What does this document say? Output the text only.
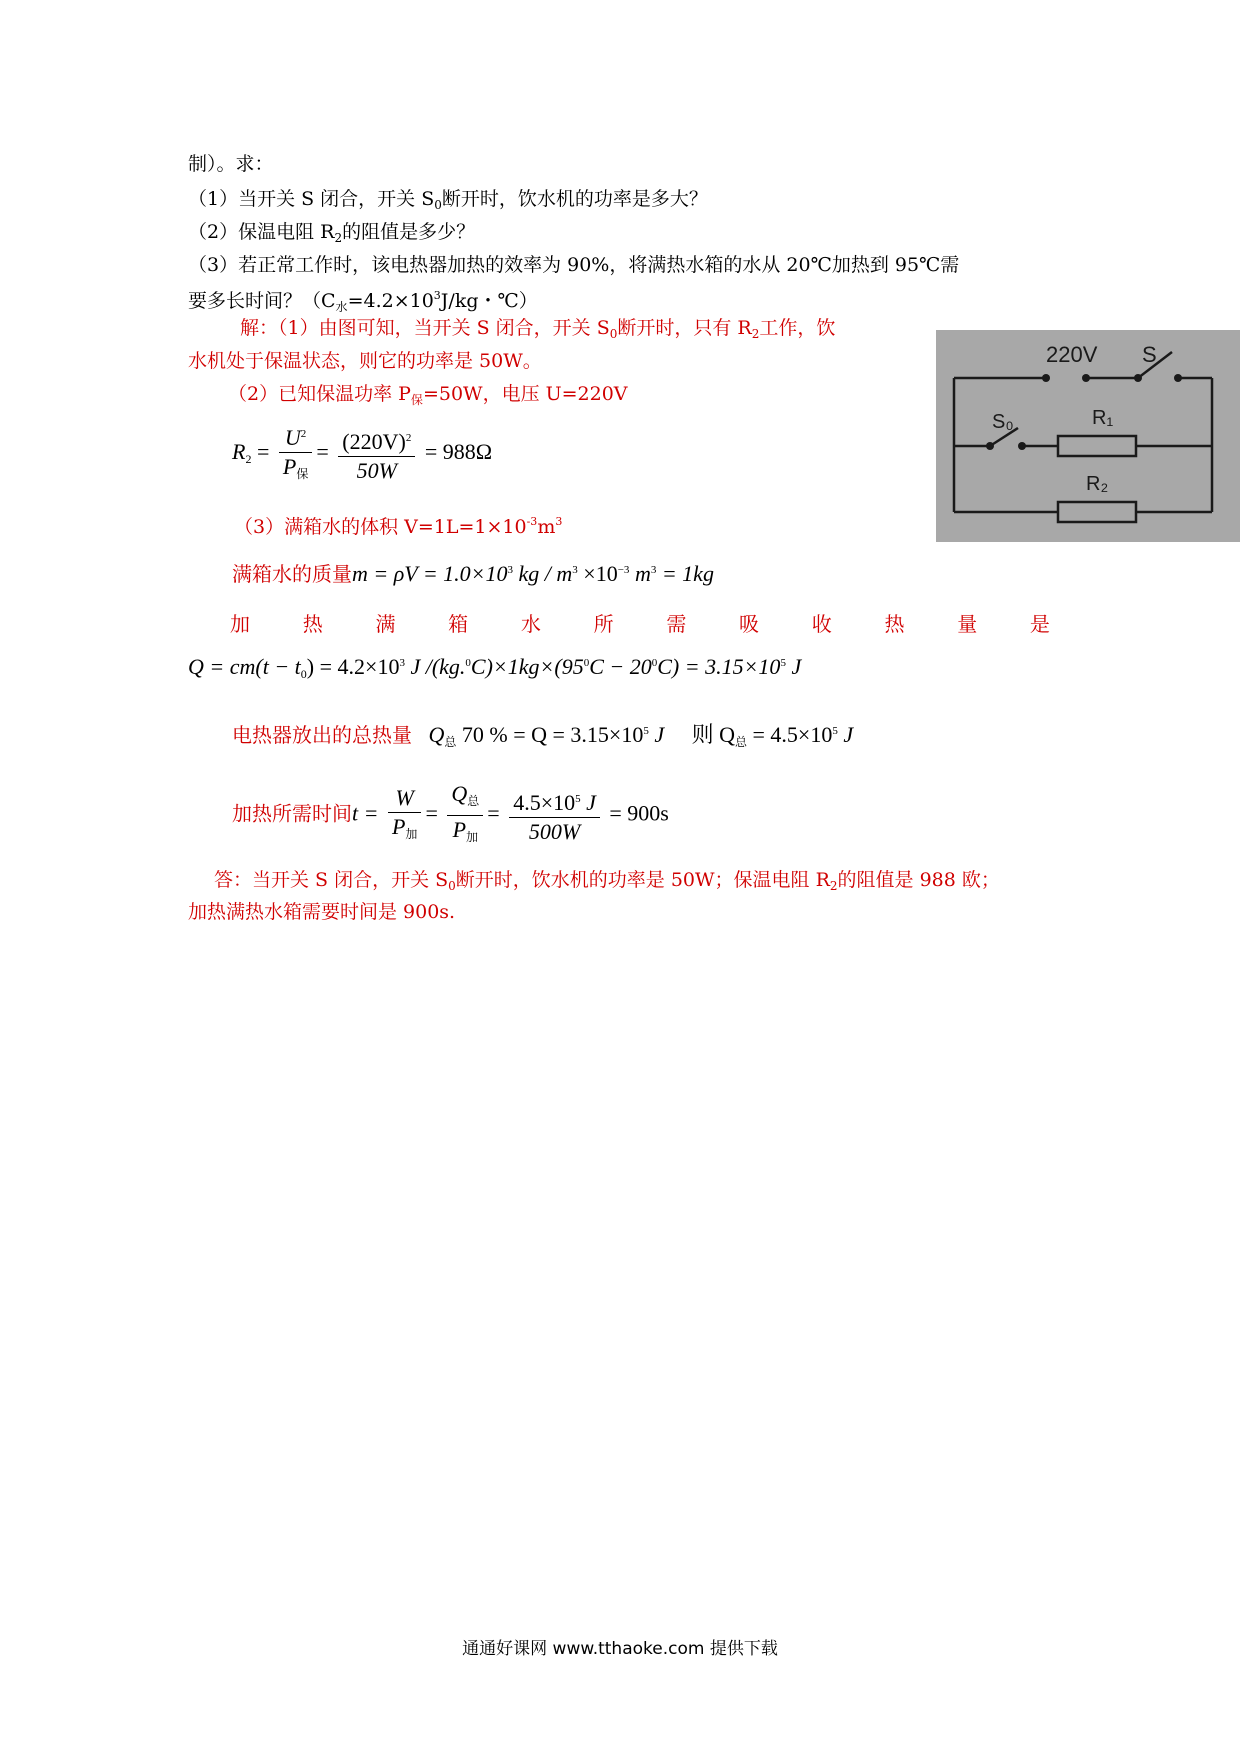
制）。求：
（1）当开关 S 闭合，开关 $S_0$断开时，饮水机的功率是多大？
（2）保温电阻 $R_2$的阻值是多少？
（3）若正常工作时，该电热器加热的效率为 90%，将满热水箱的水从 20℃加热到 95℃需
要多长时间？（$C_水=4.2\times 10^3J/kg$・℃）
解：（1）由图可知，当开关 S 闭合，开关 $S_0$断开时，只有 $R_2$工作，饮
水机处于保温状态，则它的功率是 50W。
（2）已知保温功率 $P_保=50W$，电压 U=220V
$R_2 = \frac{U^2}{P_保} = \frac{(220V)^2}{50W} = 988\Omega$
（3）满箱水的体积 $V=1L=1\times 10^{-3}m^3$
满箱水的质量$m = \rho V = 1.0\times 10^3$ kg / $m^3 \times 10^{-3}$ $m^3 = 1kg$
加	热	满	箱	水	所	需	吸	收	热	量	是
$Q = cm(t - t_0) = 4.2\times 10^3$ J $/(kg.^0C)\times 1kg\times(95^0C - 20^0C) = 3.15\times 10^5$ J
电热器放出的总热量 $Q_总$ 70 % = $Q = 3.15\times 10^5$ J 则 $Q_总 = 4.5\times 10^5$ J
加热所需时间$t = \frac{W}{P_加} = \frac{Q_总}{P_加} = \frac{4.5\times 10^5 J}{500W} = 900s$
答：当开关 S 闭合，开关 $S_0$断开时，饮水机的功率是 50W；保温电阻 $R_2$的阻值是 988 欧；
加热满热水箱需要时间是 900s.
220V S
S₀	R₁
R₂
通通好课网 www.tthaoke.com 提供下载
